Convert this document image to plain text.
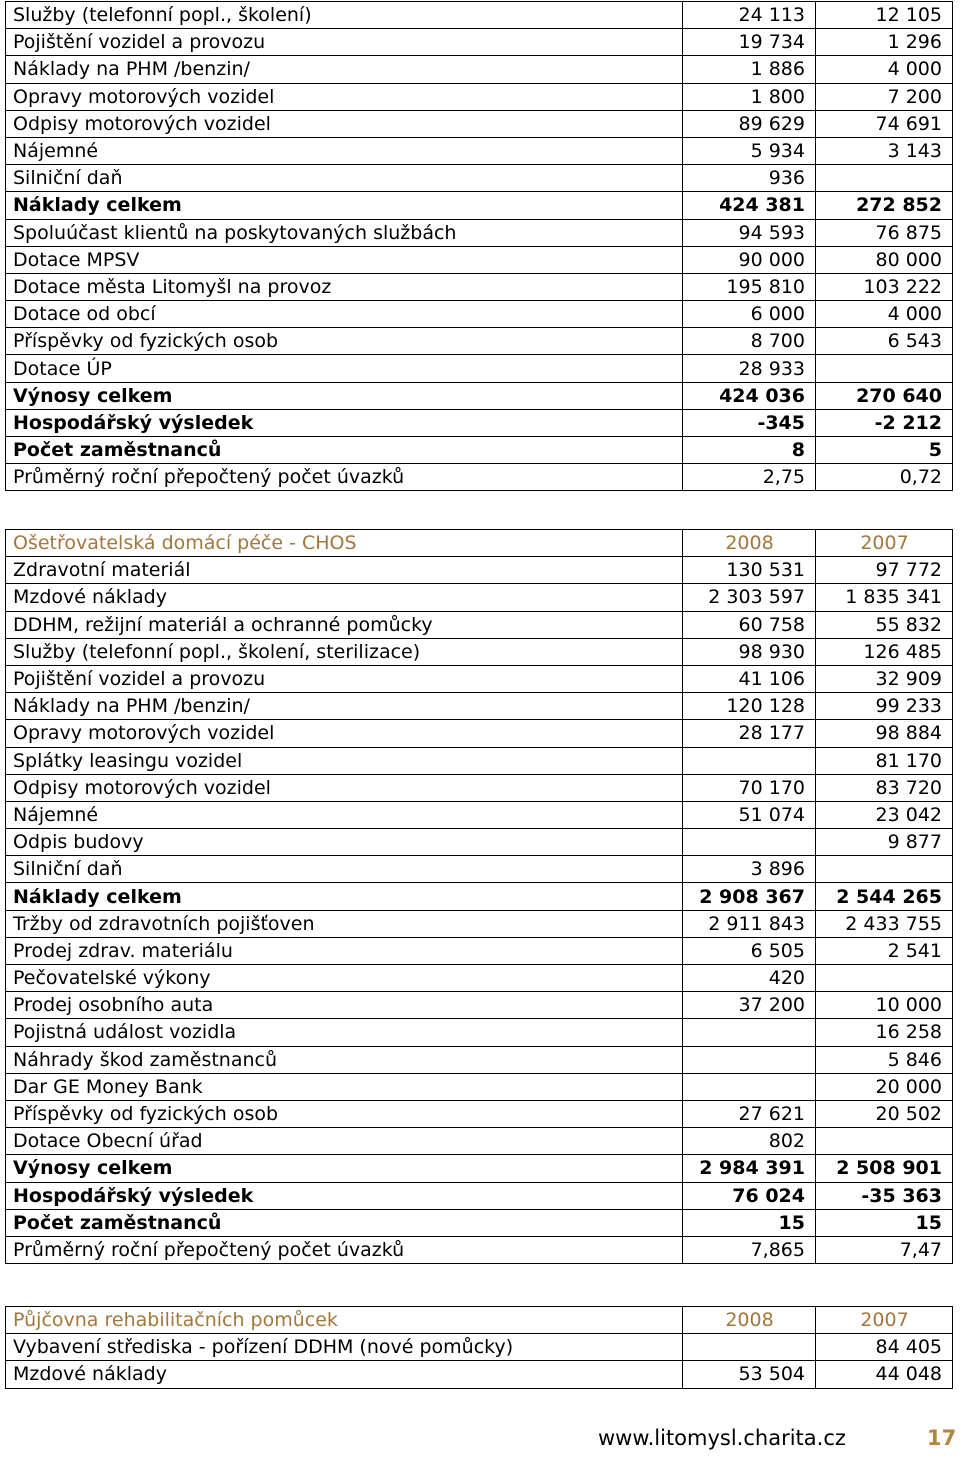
Služby (telefonní popl., školení)	24 113	12 105
Pojištění vozidel a provozu	19 734	1 296
Náklady na PHM /benzin/	1 886	4 000
Opravy motorových vozidel	1 800	7 200
Odpisy motorových vozidel	89 629	74 691
Nájemné	5 934	3 143
Silniční daň	936	
Náklady celkem	424 381	272 852
Spoluúčast klientů na poskytovaných službách	94 593	76 875
Dotace MPSV	90 000	80 000
Dotace města Litomyšl na provoz	195 810	103 222
Dotace od obcí	6 000	4 000
Příspěvky od fyzických osob	8 700	6 543
Dotace ÚP	28 933	
Výnosy celkem	424 036	270 640
Hospodářský výsledek	-345	-2 212
Počet zaměstnanců	8	5
Průměrný roční přepočtený počet úvazků	2,75	0,72
Ošetřovatelská domácí péče - CHOS	2008	2007
Zdravotní materiál	130 531	97 772
Mzdové náklady	2 303 597	1 835 341
DDHM, režijní materiál a ochranné pomůcky	60 758	55 832
Služby (telefonní popl., školení, sterilizace)	98 930	126 485
Pojištění vozidel a provozu	41 106	32 909
Náklady na PHM /benzin/	120 128	99 233
Opravy motorových vozidel	28 177	98 884
Splátky leasingu vozidel		81 170
Odpisy motorových vozidel	70 170	83 720
Nájemné	51 074	23 042
Odpis budovy		9 877
Silniční daň	3 896	
Náklady celkem	2 908 367	2 544 265
Tržby od zdravotních pojišťoven	2 911 843	2 433 755
Prodej zdrav. materiálu	6 505	2 541
Pečovatelské výkony	420	
Prodej osobního auta	37 200	10 000
Pojistná událost vozidla		16 258
Náhrady škod zaměstnanců		5 846
Dar GE Money Bank		20 000
Příspěvky od fyzických osob	27 621	20 502
Dotace Obecní úřad	802	
Výnosy celkem	2 984 391	2 508 901
Hospodářský výsledek	76 024	-35 363
Počet zaměstnanců	15	15
Průměrný roční přepočtený počet úvazků	7,865	7,47
Půjčovna rehabilitačních pomůcek	2008	2007
Vybavení střediska - pořízení DDHM (nové pomůcky)		84 405
Mzdové náklady	53 504	44 048
www.litomysl.charita.cz	17
